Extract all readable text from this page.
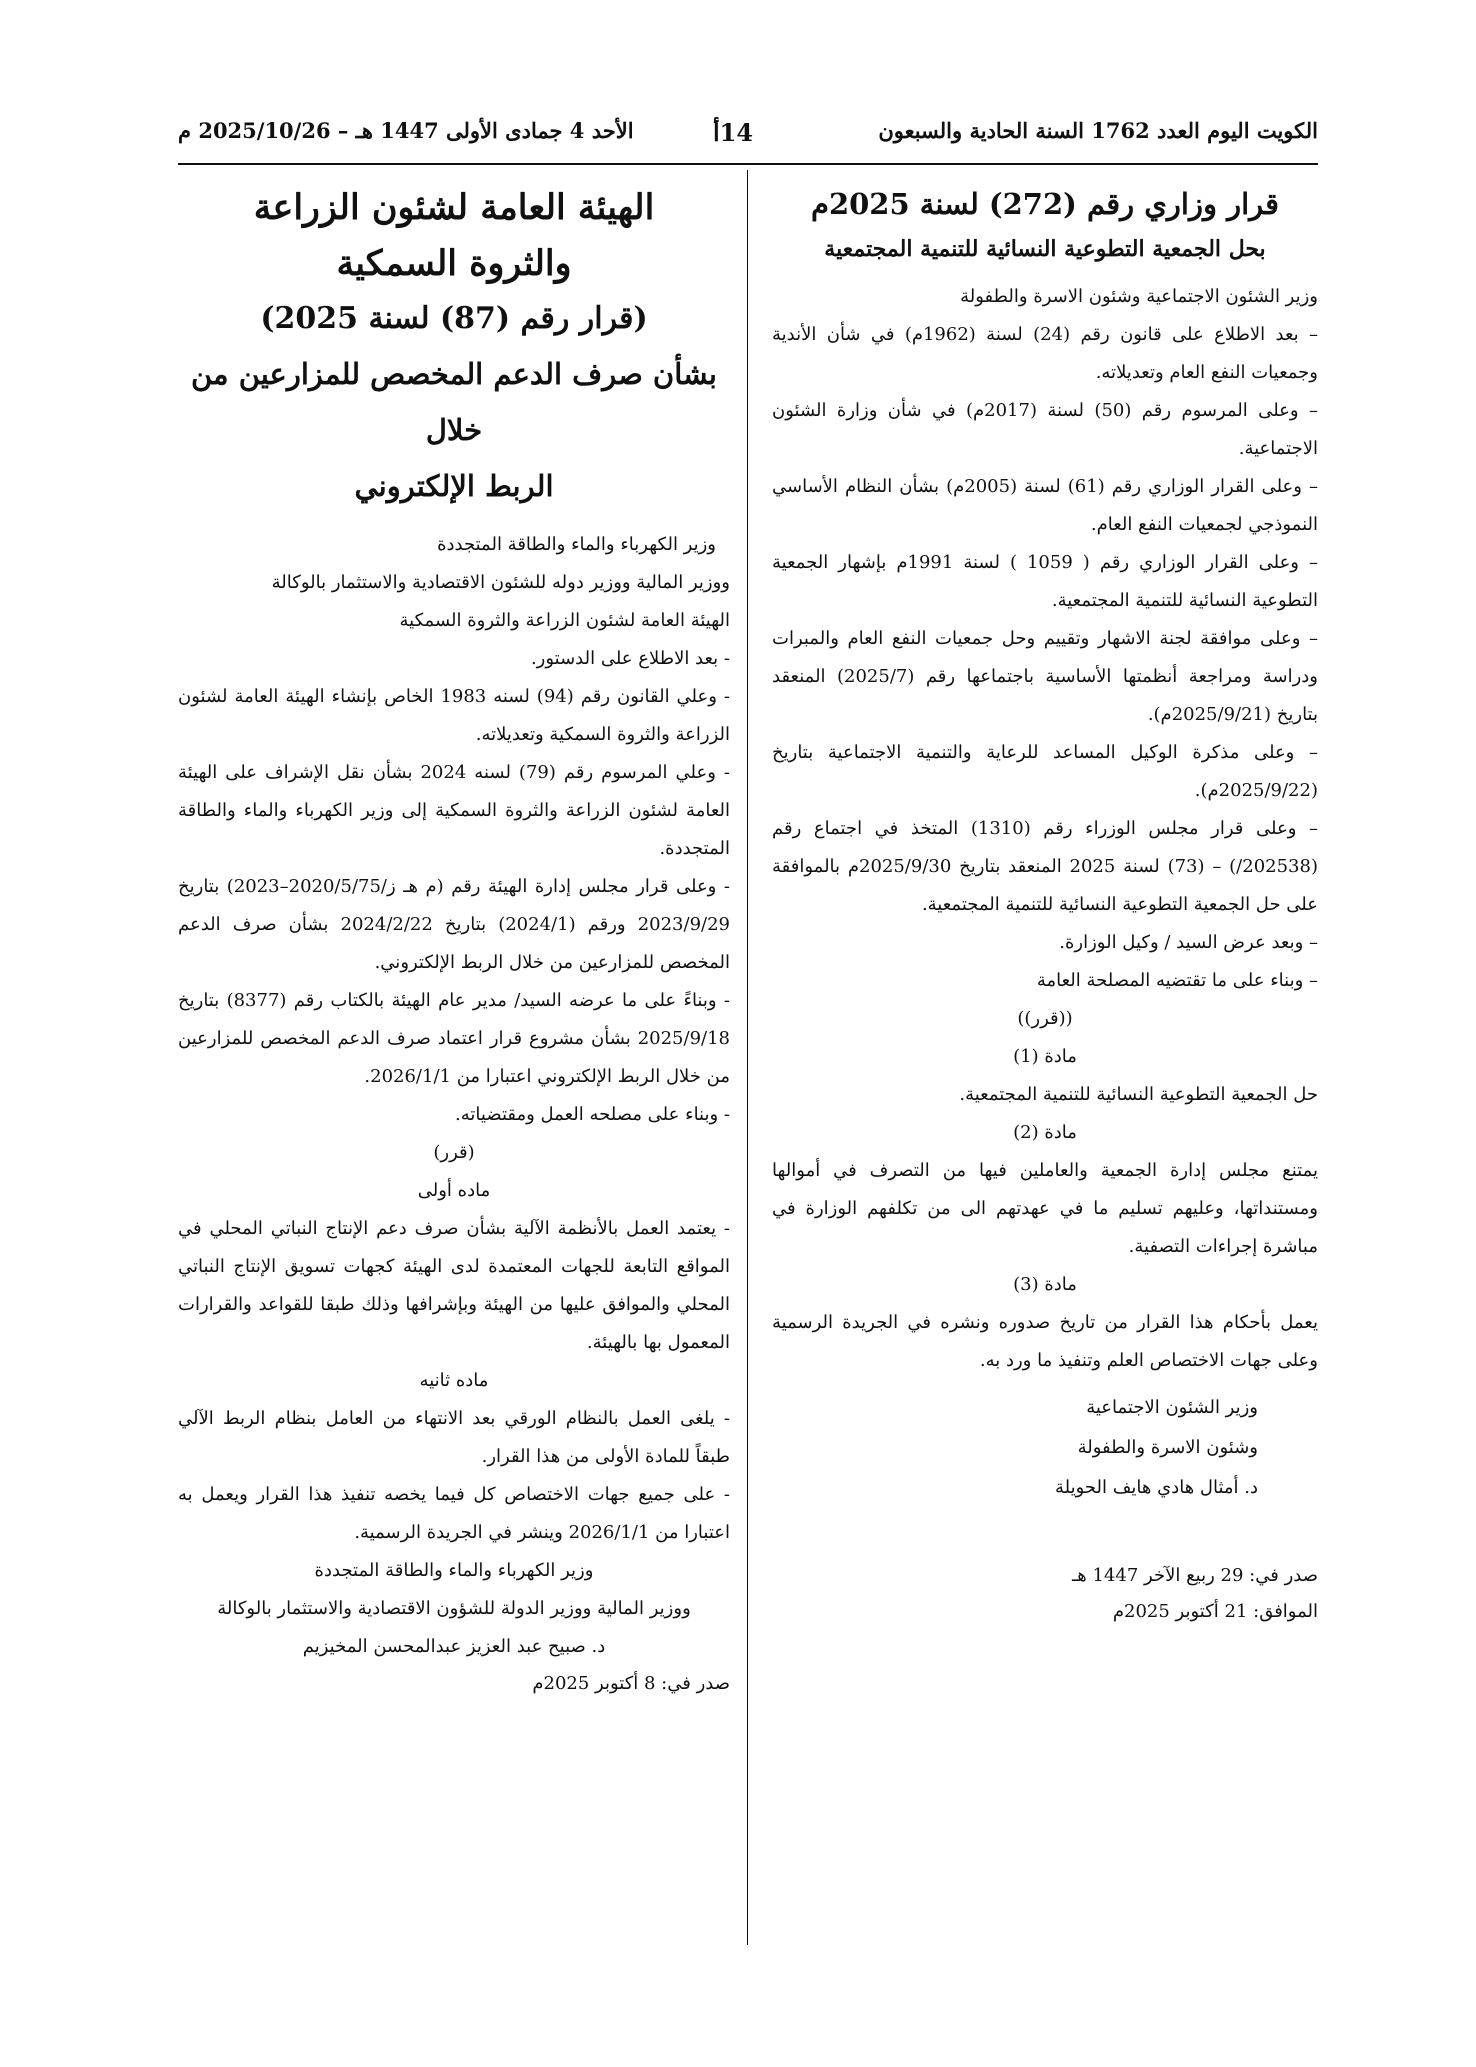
الكويت اليوم العدد 1762 السنة الحادية والسبعون
14أ
الأحد 4 جمادى الأولى 1447 هـ – 2025/10/26 م
قرار وزاري رقم (272) لسنة 2025م
بحل الجمعية التطوعية النسائية للتنمية المجتمعية

وزير الشئون الاجتماعية وشئون الاسرة والطفولة

– بعد الاطلاع على قانون رقم (24) لسنة (1962م) في شأن الأندية وجمعيات النفع العام وتعديلاته.

– وعلى المرسوم رقم (50) لسنة (2017م) في شأن وزارة الشئون الاجتماعية.

– وعلى القرار الوزاري رقم (61) لسنة (2005م) بشأن النظام الأساسي النموذجي لجمعيات النفع العام.

– وعلى القرار الوزاري رقم ( 1059 ) لسنة 1991م بإشهار الجمعية التطوعية النسائية للتنمية المجتمعية.

– وعلى موافقة لجنة الاشهار وتقييم وحل جمعيات النفع العام والمبرات ودراسة ومراجعة أنظمتها الأساسية باجتماعها رقم (2025/7) المنعقد بتاريخ (2025/9/21م).

– وعلى مذكرة الوكيل المساعد للرعاية والتنمية الاجتماعية بتاريخ (2025/9/22م).

– وعلى قرار مجلس الوزراء رقم (1310) المتخذ في اجتماع رقم (202538/) – (73) لسنة 2025 المنعقد بتاريخ 2025/9/30م بالموافقة على حل الجمعية التطوعية النسائية للتنمية المجتمعية.

– وبعد عرض السيد / وكيل الوزارة.

– وبناء على ما تقتضيه المصلحة العامة

((قرر))

مادة (1)

حل الجمعية التطوعية النسائية للتنمية المجتمعية.

مادة (2)

يمتنع مجلس إدارة الجمعية والعاملين فيها من التصرف في أموالها ومستنداتها، وعليهم تسليم ما في عهدتهم الى من تكلفهم الوزارة في مباشرة إجراءات التصفية.

مادة (3)

يعمل بأحكام هذا القرار من تاريخ صدوره ونشره في الجريدة الرسمية وعلى جهات الاختصاص العلم وتنفيذ ما ورد به.

وزير الشئون الاجتماعية

وشئون الاسرة والطفولة

د. أمثال هادي هايف الحويلة

صدر في: 29 ربيع الآخر 1447 هـ

الموافق: 21 أكتوبر 2025م

الهيئة العامة لشئون الزراعة
والثروة السمكية
(قرار رقم (87) لسنة 2025)
بشأن صرف الدعم المخصص للمزارعين من خلال
الربط الإلكتروني

وزير الكهرباء والماء والطاقة المتجددة

ووزير المالية ووزير دوله للشئون الاقتصادية والاستثمار بالوكالة

الهيئة العامة لشئون الزراعة والثروة السمكية

- بعد الاطلاع على الدستور.

- وعلي القانون رقم (94) لسنه 1983 الخاص بإنشاء الهيئة العامة لشئون الزراعة والثروة السمكية وتعديلاته.

- وعلي المرسوم رقم (79) لسنه 2024 بشأن نقل الإشراف على الهيئة العامة لشئون الزراعة والثروة السمكية إلى وزير الكهرباء والماء والطاقة المتجددة.

- وعلى قرار مجلس إدارة الهيئة رقم (م هـ ز/2020/5/75–2023) بتاريخ 2023/9/29 ورقم (2024/1) بتاريخ 2024/2/22 بشأن صرف الدعم المخصص للمزارعين من خلال الربط الإلكتروني.

- وبناءً على ما عرضه السيد/ مدير عام الهيئة بالكتاب رقم (8377) بتاريخ 2025/9/18 بشأن مشروع قرار اعتماد صرف الدعم المخصص للمزارعين من خلال الربط الإلكتروني اعتبارا من 2026/1/1.

- وبناء على مصلحه العمل ومقتضياته.

(قرر)

ماده أولى

- يعتمد العمل بالأنظمة الآلية بشأن صرف دعم الإنتاج النباتي المحلي في المواقع التابعة للجهات المعتمدة لدى الهيئة كجهات تسويق الإنتاج النباتي المحلي والموافق عليها من الهيئة وبإشرافها وذلك طبقا للقواعد والقرارات المعمول بها بالهيئة.

ماده ثانيه

- يلغى العمل بالنظام الورقي بعد الانتهاء من العامل بنظام الربط الآلي طبقاً للمادة الأولى من هذا القرار.

- على جميع جهات الاختصاص كل فيما يخصه تنفيذ هذا القرار ويعمل به اعتبارا من 2026/1/1 وينشر في الجريدة الرسمية.

وزير الكهرباء والماء والطاقة المتجددة

ووزير المالية ووزير الدولة للشؤون الاقتصادية والاستثمار بالوكالة

د. صبيح عبد العزيز عبدالمحسن المخيزيم

صدر في: 8 أكتوبر 2025م
